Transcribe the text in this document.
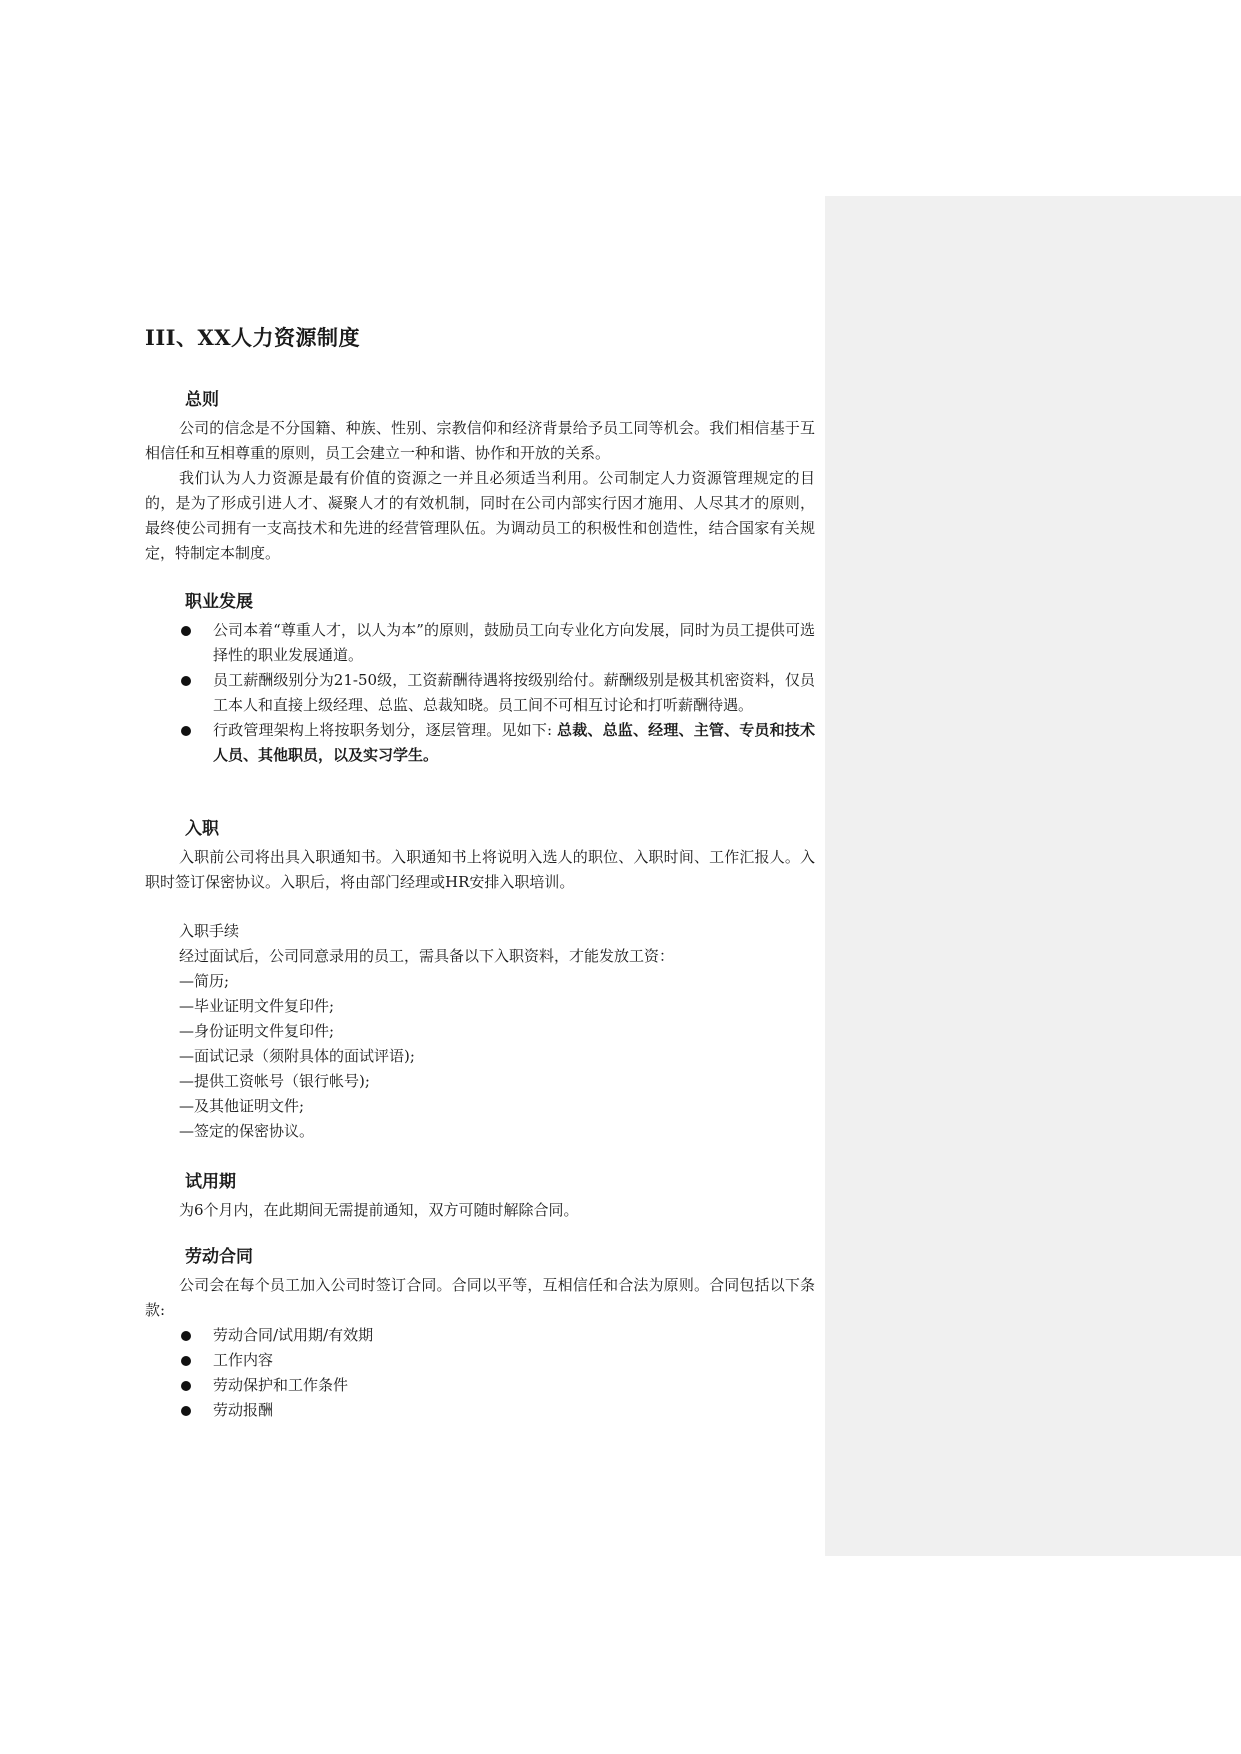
III、XX人力资源制度
总则

公司的信念是不分国籍、种族、性别、宗教信仰和经济背景给予员工同等机会。我们相信基于互相信任和互相尊重的原则，员工会建立一种和谐、协作和开放的关系。

我们认为人力资源是最有价值的资源之一并且必须适当利用。公司制定人力资源管理规定的目的，是为了形成引进人才、凝聚人才的有效机制，同时在公司内部实行因才施用、人尽其才的原则，最终使公司拥有一支高技术和先进的经营管理队伍。为调动员工的积极性和创造性，结合国家有关规定，特制定本制度。

职业发展
公司本着“尊重人才，以人为本”的原则，鼓励员工向专业化方向发展，同时为员工提供可选择性的职业发展通道。
员工薪酬级别分为21-50级，工资薪酬待遇将按级别给付。薪酬级别是极其机密资料，仅员工本人和直接上级经理、总监、总裁知晓。员工间不可相互讨论和打听薪酬待遇。
行政管理架构上将按职务划分，逐层管理。见如下: 总裁、总监、经理、主管、专员和技术人员、其他职员，以及实习学生。
入职

入职前公司将出具入职通知书。入职通知书上将说明入选人的职位、入职时间、工作汇报人。入职时签订保密协议。入职后，将由部门经理或HR安排入职培训。

入职手续

经过面试后，公司同意录用的员工，需具备以下入职资料，才能发放工资：

—简历;

—毕业证明文件复印件;

—身份证明文件复印件;

—面试记录（须附具体的面试评语);

—提供工资帐号（银行帐号);

—及其他证明文件;

—签定的保密协议。

试用期

为6个月内，在此期间无需提前通知，双方可随时解除合同。

劳动合同

公司会在每个员工加入公司时签订合同。合同以平等，互相信任和合法为原则。合同包括以下条款:

劳动合同/试用期/有效期
工作内容
劳动保护和工作条件
劳动报酬
